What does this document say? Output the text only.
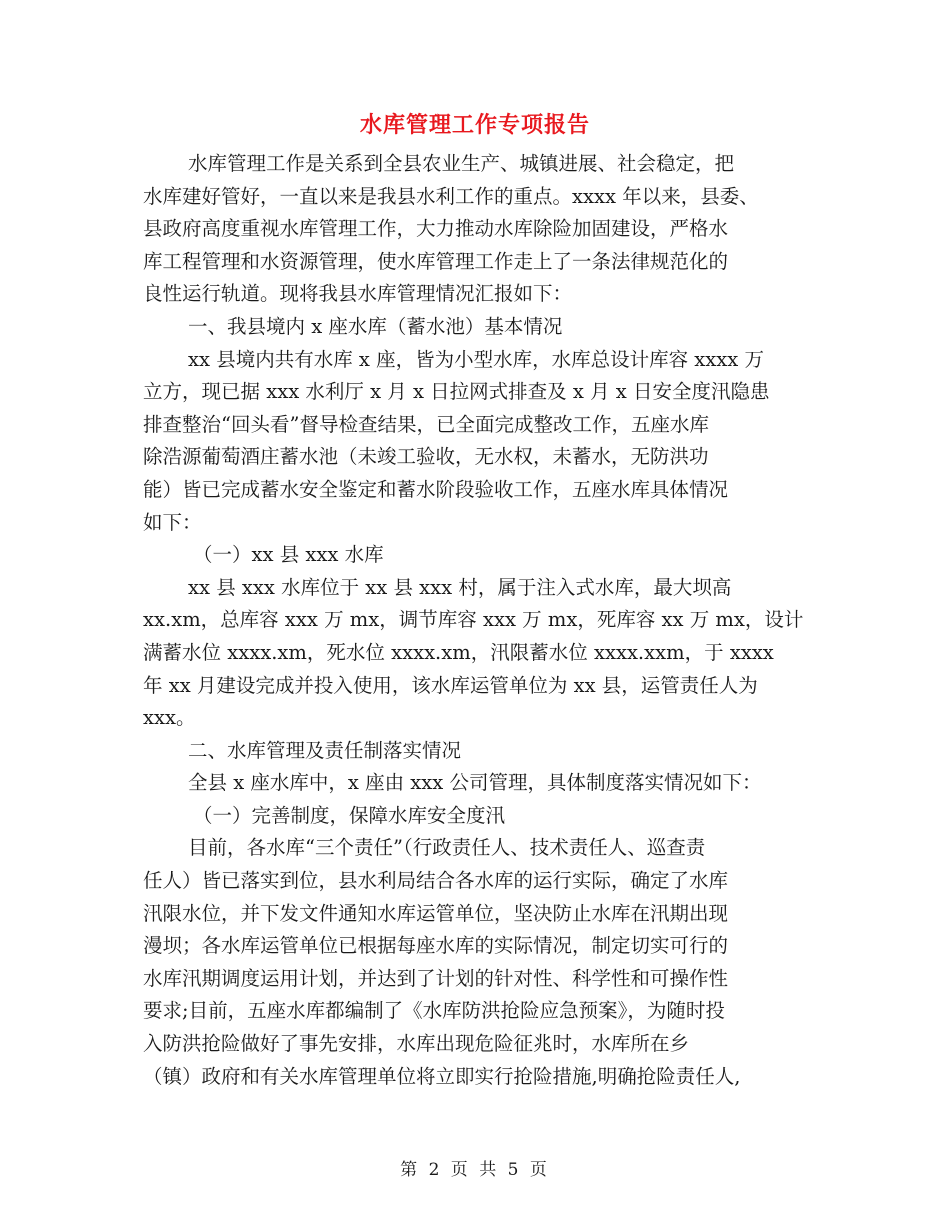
水库管理工作专项报告

水库管理工作是关系到全县农业生产、城镇进展、社会稳定，把

水库建好管好，一直以来是我县水利工作的重点。xxxx 年以来，县委、

县政府高度重视水库管理工作，大力推动水库除险加固建设，严格水

库工程管理和水资源管理，使水库管理工作走上了一条法律规范化的

良性运行轨道。现将我县水库管理情况汇报如下：

一、我县境内 x 座水库（蓄水池）基本情况

xx 县境内共有水库 x 座，皆为小型水库，水库总设计库容 xxxx 万

立方，现已据 xxx 水利厅 x 月 x 日拉网式排查及 x 月 x 日安全度汛隐患

排查整治“回头看”督导检查结果，已全面完成整改工作，五座水库

除浩源葡萄酒庄蓄水池（未竣工验收，无水权，未蓄水，无防洪功

能）皆已完成蓄水安全鉴定和蓄水阶段验收工作，五座水库具体情况

如下：

（一）xx 县 xxx 水库

xx 县 xxx 水库位于 xx 县 xxx 村，属于注入式水库，最大坝高

xx.xm，总库容 xxx 万 mx，调节库容 xxx 万 mx，死库容 xx 万 mx，设计

满蓄水位 xxxx.xm，死水位 xxxx.xm，汛限蓄水位 xxxx.xxm，于 xxxx

年 xx 月建设完成并投入使用，该水库运管单位为 xx 县，运管责任人为

xxx。

二、水库管理及责任制落实情况

全县 x 座水库中，x 座由 xxx 公司管理，具体制度落实情况如下：

（一）完善制度，保障水库安全度汛

目前，各水库“三个责任”（行政责任人、技术责任人、巡查责

任人）皆已落实到位，县水利局结合各水库的运行实际，确定了水库

汛限水位，并下发文件通知水库运管单位，坚决防止水库在汛期出现

漫坝；各水库运管单位已根据每座水库的实际情况，制定切实可行的

水库汛期调度运用计划，并达到了计划的针对性、科学性和可操作性

要求;目前，五座水库都编制了《水库防洪抢险应急预案》，为随时投

入防洪抢险做好了事先安排，水库出现危险征兆时，水库所在乡

（镇）政府和有关水库管理单位将立即实行抢险措施,明确抢险责任人,

第 2 页 共 5 页
